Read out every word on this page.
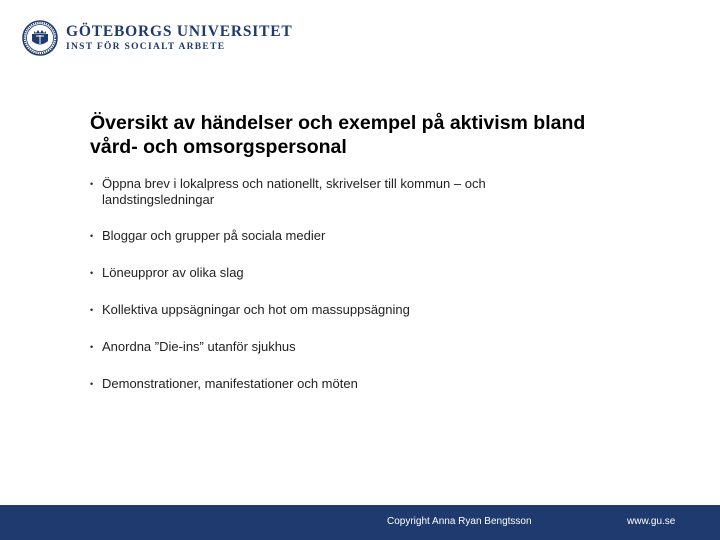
GÖTEBORGS UNIVERSITET
INST FÖR SOCIALT ARBETE
Översikt av händelser och exempel på aktivism bland
vård- och omsorgspersonal
• Öppna brev i lokalpress och nationellt, skrivelser till kommun – och landstingsledningar
• Bloggar och grupper på sociala medier
• Löneuppror av olika slag
• Kollektiva uppsägningar och hot om massuppsägning
• Anordna ”Die-ins” utanför sjukhus
• Demonstrationer, manifestationer och möten
Copyright Anna Ryan Bengtsson	www.gu.se
